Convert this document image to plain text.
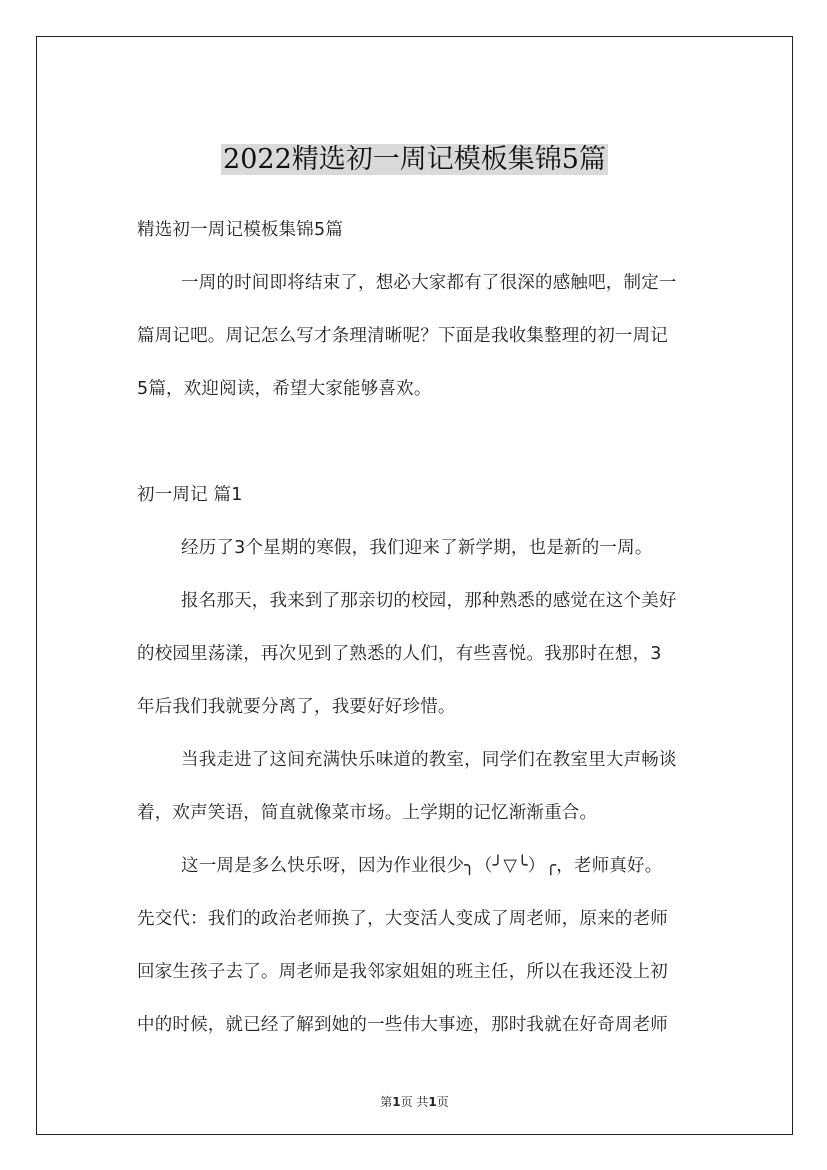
2022精选初一周记模板集锦5篇
精选初一周记模板集锦5篇
一周的时间即将结束了，想必大家都有了很深的感触吧，制定一
篇周记吧。周记怎么写才条理清晰呢？下面是我收集整理的初一周记
5篇，欢迎阅读，希望大家能够喜欢。
初一周记 篇1
经历了3个星期的寒假，我们迎来了新学期，也是新的一周。
报名那天，我来到了那亲切的校园，那种熟悉的感觉在这个美好
的校园里荡漾，再次见到了熟悉的人们，有些喜悦。我那时在想，3
年后我们我就要分离了，我要好好珍惜。
当我走进了这间充满快乐味道的教室，同学们在教室里大声畅谈
着，欢声笑语，简直就像菜市场。上学期的记忆渐渐重合。
这一周是多么快乐呀，因为作业很少╮（╯▽╰）╭，老师真好。
先交代：我们的政治老师换了，大变活人变成了周老师，原来的老师
回家生孩子去了。周老师是我邻家姐姐的班主任，所以在我还没上初
中的时候，就已经了解到她的一些伟大事迹，那时我就在好奇周老师
第1页 共1页
